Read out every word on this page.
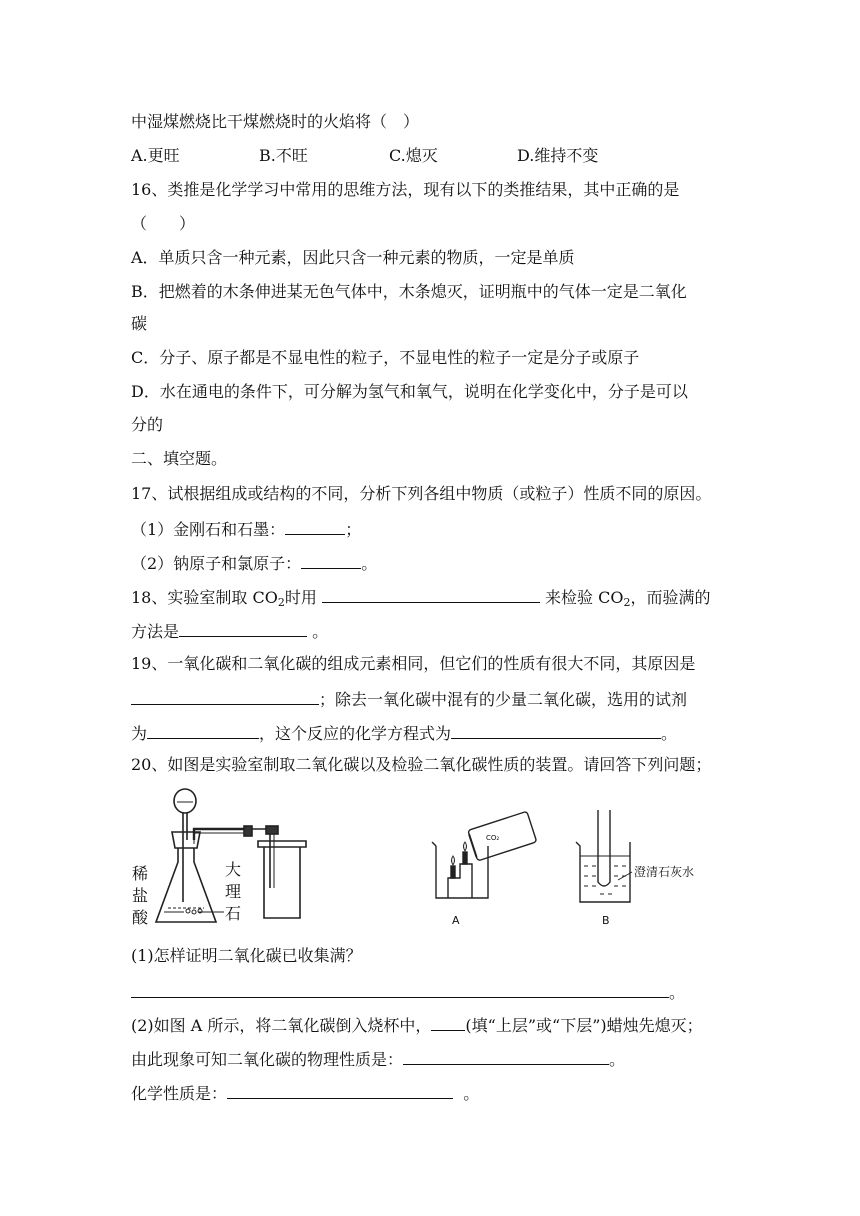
中湿煤燃烧比干煤燃烧时的火焰将（　）
A.更旺	B.不旺	C.熄灭	D.维持不变
16、类推是化学学习中常用的思维方法，现有以下的类推结果，其中正确的是
（　　）
A．单质只含一种元素，因此只含一种元素的物质，一定是单质
B．把燃着的木条伸进某无色气体中，木条熄灭，证明瓶中的气体一定是二氧化
碳
C．分子、原子都是不显电性的粒子，不显电性的粒子一定是分子或原子
D．水在通电的条件下，可分解为氢气和氧气，说明在化学变化中，分子是可以
分的
二、填空题。
17、试根据组成或结构的不同，分析下列各组中物质（或粒子）性质不同的原因。
（1）金刚石和石墨：	；
（2）钠原子和氯原子：	。
18、实验室制取 $CO_2$时用	来检验 $CO_2$，而验满的
方法是	。
19、一氧化碳和二氧化碳的组成元素相同，但它们的性质有很大不同，其原因是
；除去一氧化碳中混有的少量二氧化碳，选用的试剂
为	，这个反应的化学方程式为	。
20、如图是实验室制取二氧化碳以及检验二氧化碳性质的装置。请回答下列问题；
稀
盐
酸
大
理
石
CO₂
A
澄清石灰水
B
(1)怎样证明二氧化碳已收集满？
。
(2)如图 A 所示，将二氧化碳倒入烧杯中， (填“上层”或“下层”)蜡烛先熄灭；
由此现象可知二氧化碳的物理性质是：	。
化学性质是：	。
